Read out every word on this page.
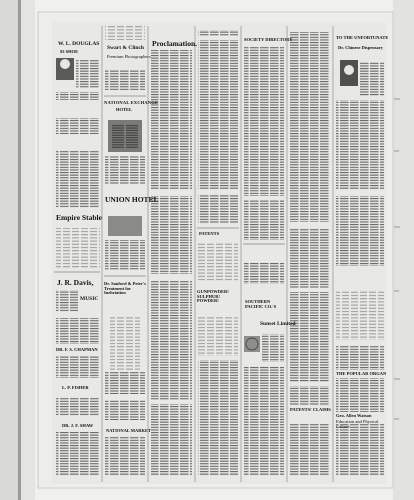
W. L. DOUGLAS
$3 SHOE
Swart & Clinch
Premium Photographers
NATIONAL EXCHANGE
HOTEL
UNION HOTEL
Empire Stable
J. R. Davis,
MUSIC
DR. F. S. CHAPMAN
L. P. FISHER
DR. J. F. SHAW
NATIONAL MARKET
Dr. Sanford & Peter's Treatment for Inebriation
Proclamation.	SOCIETY DIRECTORY
PATENTS
GUNPOWDER! SULPHUR! POWDER!	SOUTHERN PACIFIC CO.'S
Sunset Limited
PATENTS! CLAIMS
TO THE UNFORTUNATE
Dr. Chinese Dispensary
THE POPULAR ORGAN
Geo. Allen Watson
Education and Physical Culture
